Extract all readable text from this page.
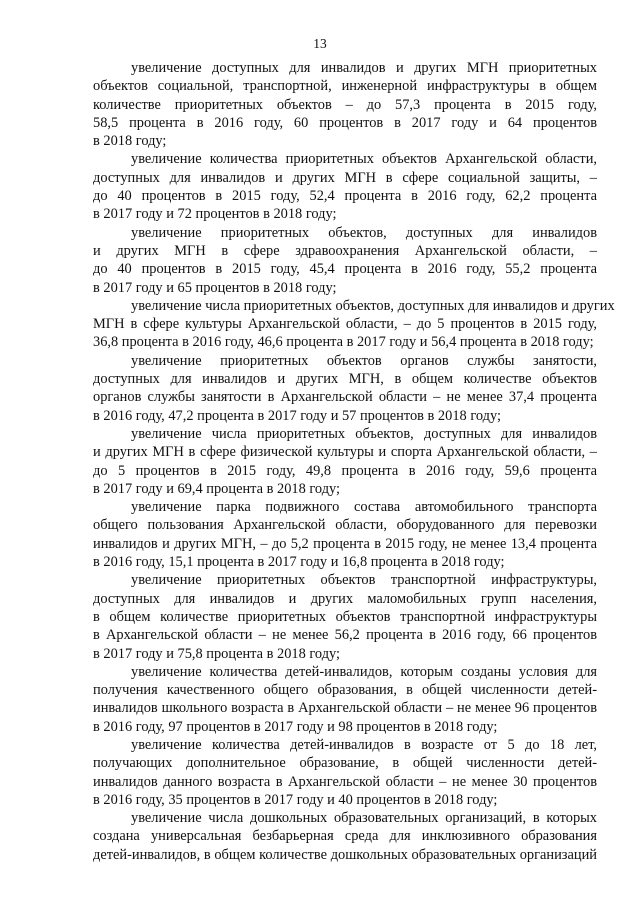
13

увеличение доступных для инвалидов и других МГН приоритетных
объектов социальной, транспортной, инженерной инфраструктуры в общем
количестве приоритетных объектов – до 57,3 процента в 2015 году,
58,5 процента в 2016 году, 60 процентов в 2017 году и 64 процентов
в 2018 году;

увеличение количества приоритетных объектов Архангельской области,
доступных для инвалидов и других МГН в сфере социальной защиты, –
до 40 процентов в 2015 году, 52,4 процента в 2016 году, 62,2 процента
в 2017 году и 72 процентов в 2018 году;

увеличение приоритетных объектов, доступных для инвалидов
и других МГН в сфере здравоохранения Архангельской области, –
до 40 процентов в 2015 году, 45,4 процента в 2016 году, 55,2 процента
в 2017 году и 65 процентов в 2018 году;

увеличение числа приоритетных объектов, доступных для инвалидов и других
МГН в сфере культуры Архангельской области, – до 5 процентов в 2015 году,
36,8 процента в 2016 году, 46,6 процента в 2017 году и 56,4 процента в 2018 году;

увеличение приоритетных объектов органов службы занятости,
доступных для инвалидов и других МГН, в общем количестве объектов
органов службы занятости в Архангельской области – не менее 37,4 процента
в 2016 году, 47,2 процента в 2017 году и 57 процентов в 2018 году;

увеличение числа приоритетных объектов, доступных для инвалидов
и других МГН в сфере физической культуры и спорта Архангельской области, –
до 5 процентов в 2015 году, 49,8 процента в 2016 году, 59,6 процента
в 2017 году и 69,4 процента в 2018 году;

увеличение парка подвижного состава автомобильного транспорта
общего пользования Архангельской области, оборудованного для перевозки
инвалидов и других МГН, – до 5,2 процента в 2015 году, не менее 13,4 процента
в 2016 году, 15,1 процента в 2017 году и 16,8 процента в 2018 году;

увеличение приоритетных объектов транспортной инфраструктуры,
доступных для инвалидов и других маломобильных групп населения,
в общем количестве приоритетных объектов транспортной инфраструктуры
в Архангельской области – не менее 56,2 процента в 2016 году, 66 процентов
в 2017 году и 75,8 процента в 2018 году;

увеличение количества детей-инвалидов, которым созданы условия для
получения качественного общего образования, в общей численности детей-
инвалидов школьного возраста в Архангельской области – не менее 96 процентов
в 2016 году, 97 процентов в 2017 году и 98 процентов в 2018 году;

увеличение количества детей-инвалидов в возрасте от 5 до 18 лет,
получающих дополнительное образование, в общей численности детей-
инвалидов данного возраста в Архангельской области – не менее 30 процентов
в 2016 году, 35 процентов в 2017 году и 40 процентов в 2018 году;

увеличение числа дошкольных образовательных организаций, в которых
создана универсальная безбарьерная среда для инклюзивного образования
детей-инвалидов, в общем количестве дошкольных образовательных организаций
